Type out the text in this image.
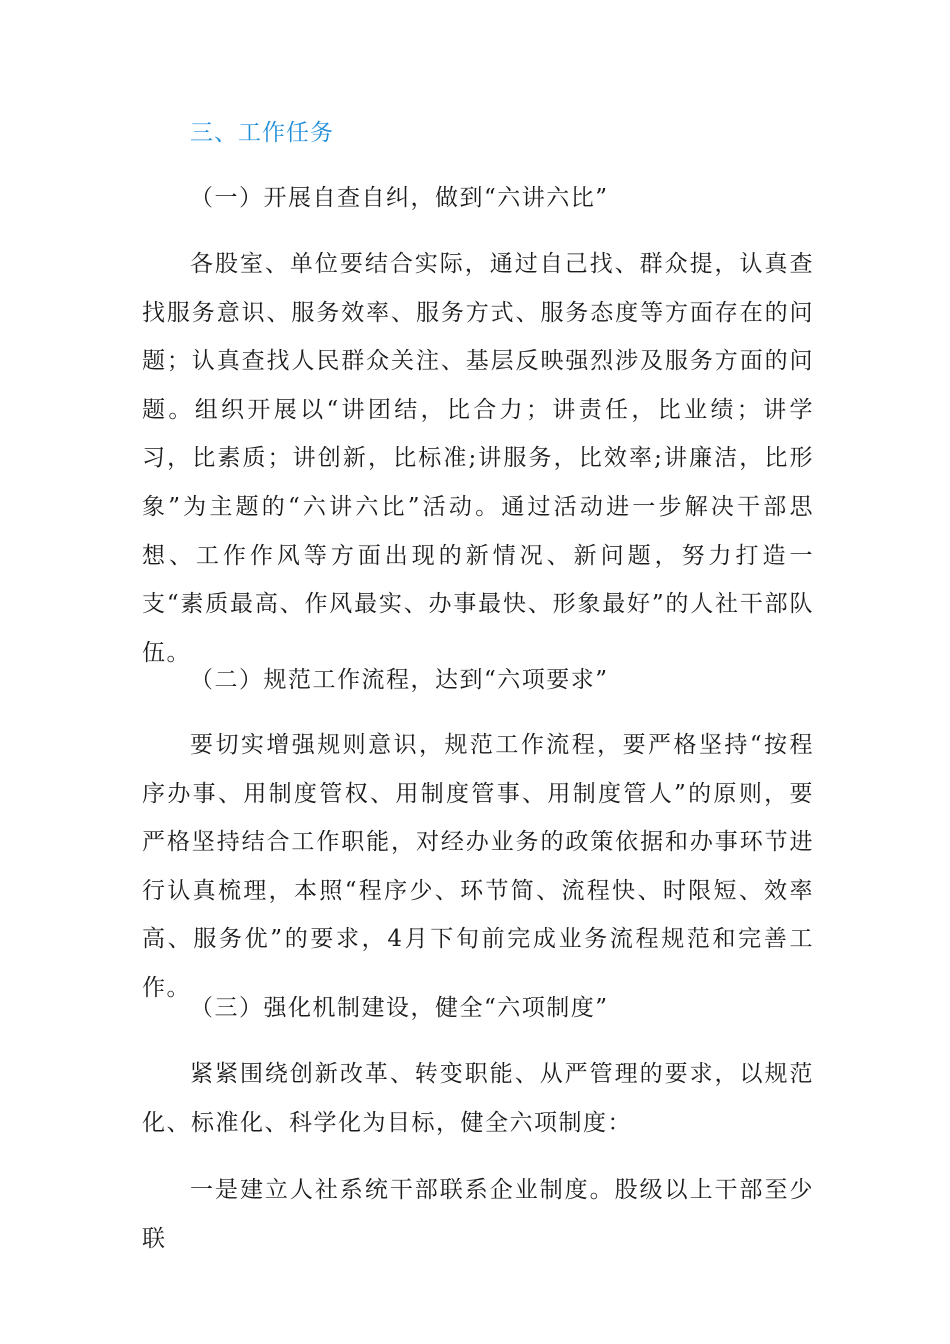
三、工作任务

（一）开展自查自纠，做到“六讲六比”

各股室、单位要结合实际，通过自己找、群众提，认真查找服务意识、服务效率、服务方式、服务态度等方面存在的问题；认真查找人民群众关注、基层反映强烈涉及服务方面的问题。组织开展以“讲团结，比合力；讲责任，比业绩；讲学习，比素质；讲创新，比标准;讲服务，比效率;讲廉洁，比形象”为主题的“六讲六比”活动。通过活动进一步解决干部思想、工作作风等方面出现的新情况、新问题，努力打造一支“素质最高、作风最实、办事最快、形象最好”的人社干部队伍。

（二）规范工作流程，达到“六项要求”

要切实增强规则意识，规范工作流程，要严格坚持“按程序办事、用制度管权、用制度管事、用制度管人”的原则，要严格坚持结合工作职能，对经办业务的政策依据和办事环节进行认真梳理，本照“程序少、环节简、流程快、时限短、效率高、服务优”的要求，4月下旬前完成业务流程规范和完善工作。

（三）强化机制建设，健全“六项制度”

紧紧围绕创新改革、转变职能、从严管理的要求，以规范化、标准化、科学化为目标，健全六项制度：

一是建立人社系统干部联系企业制度。股级以上干部至少联
